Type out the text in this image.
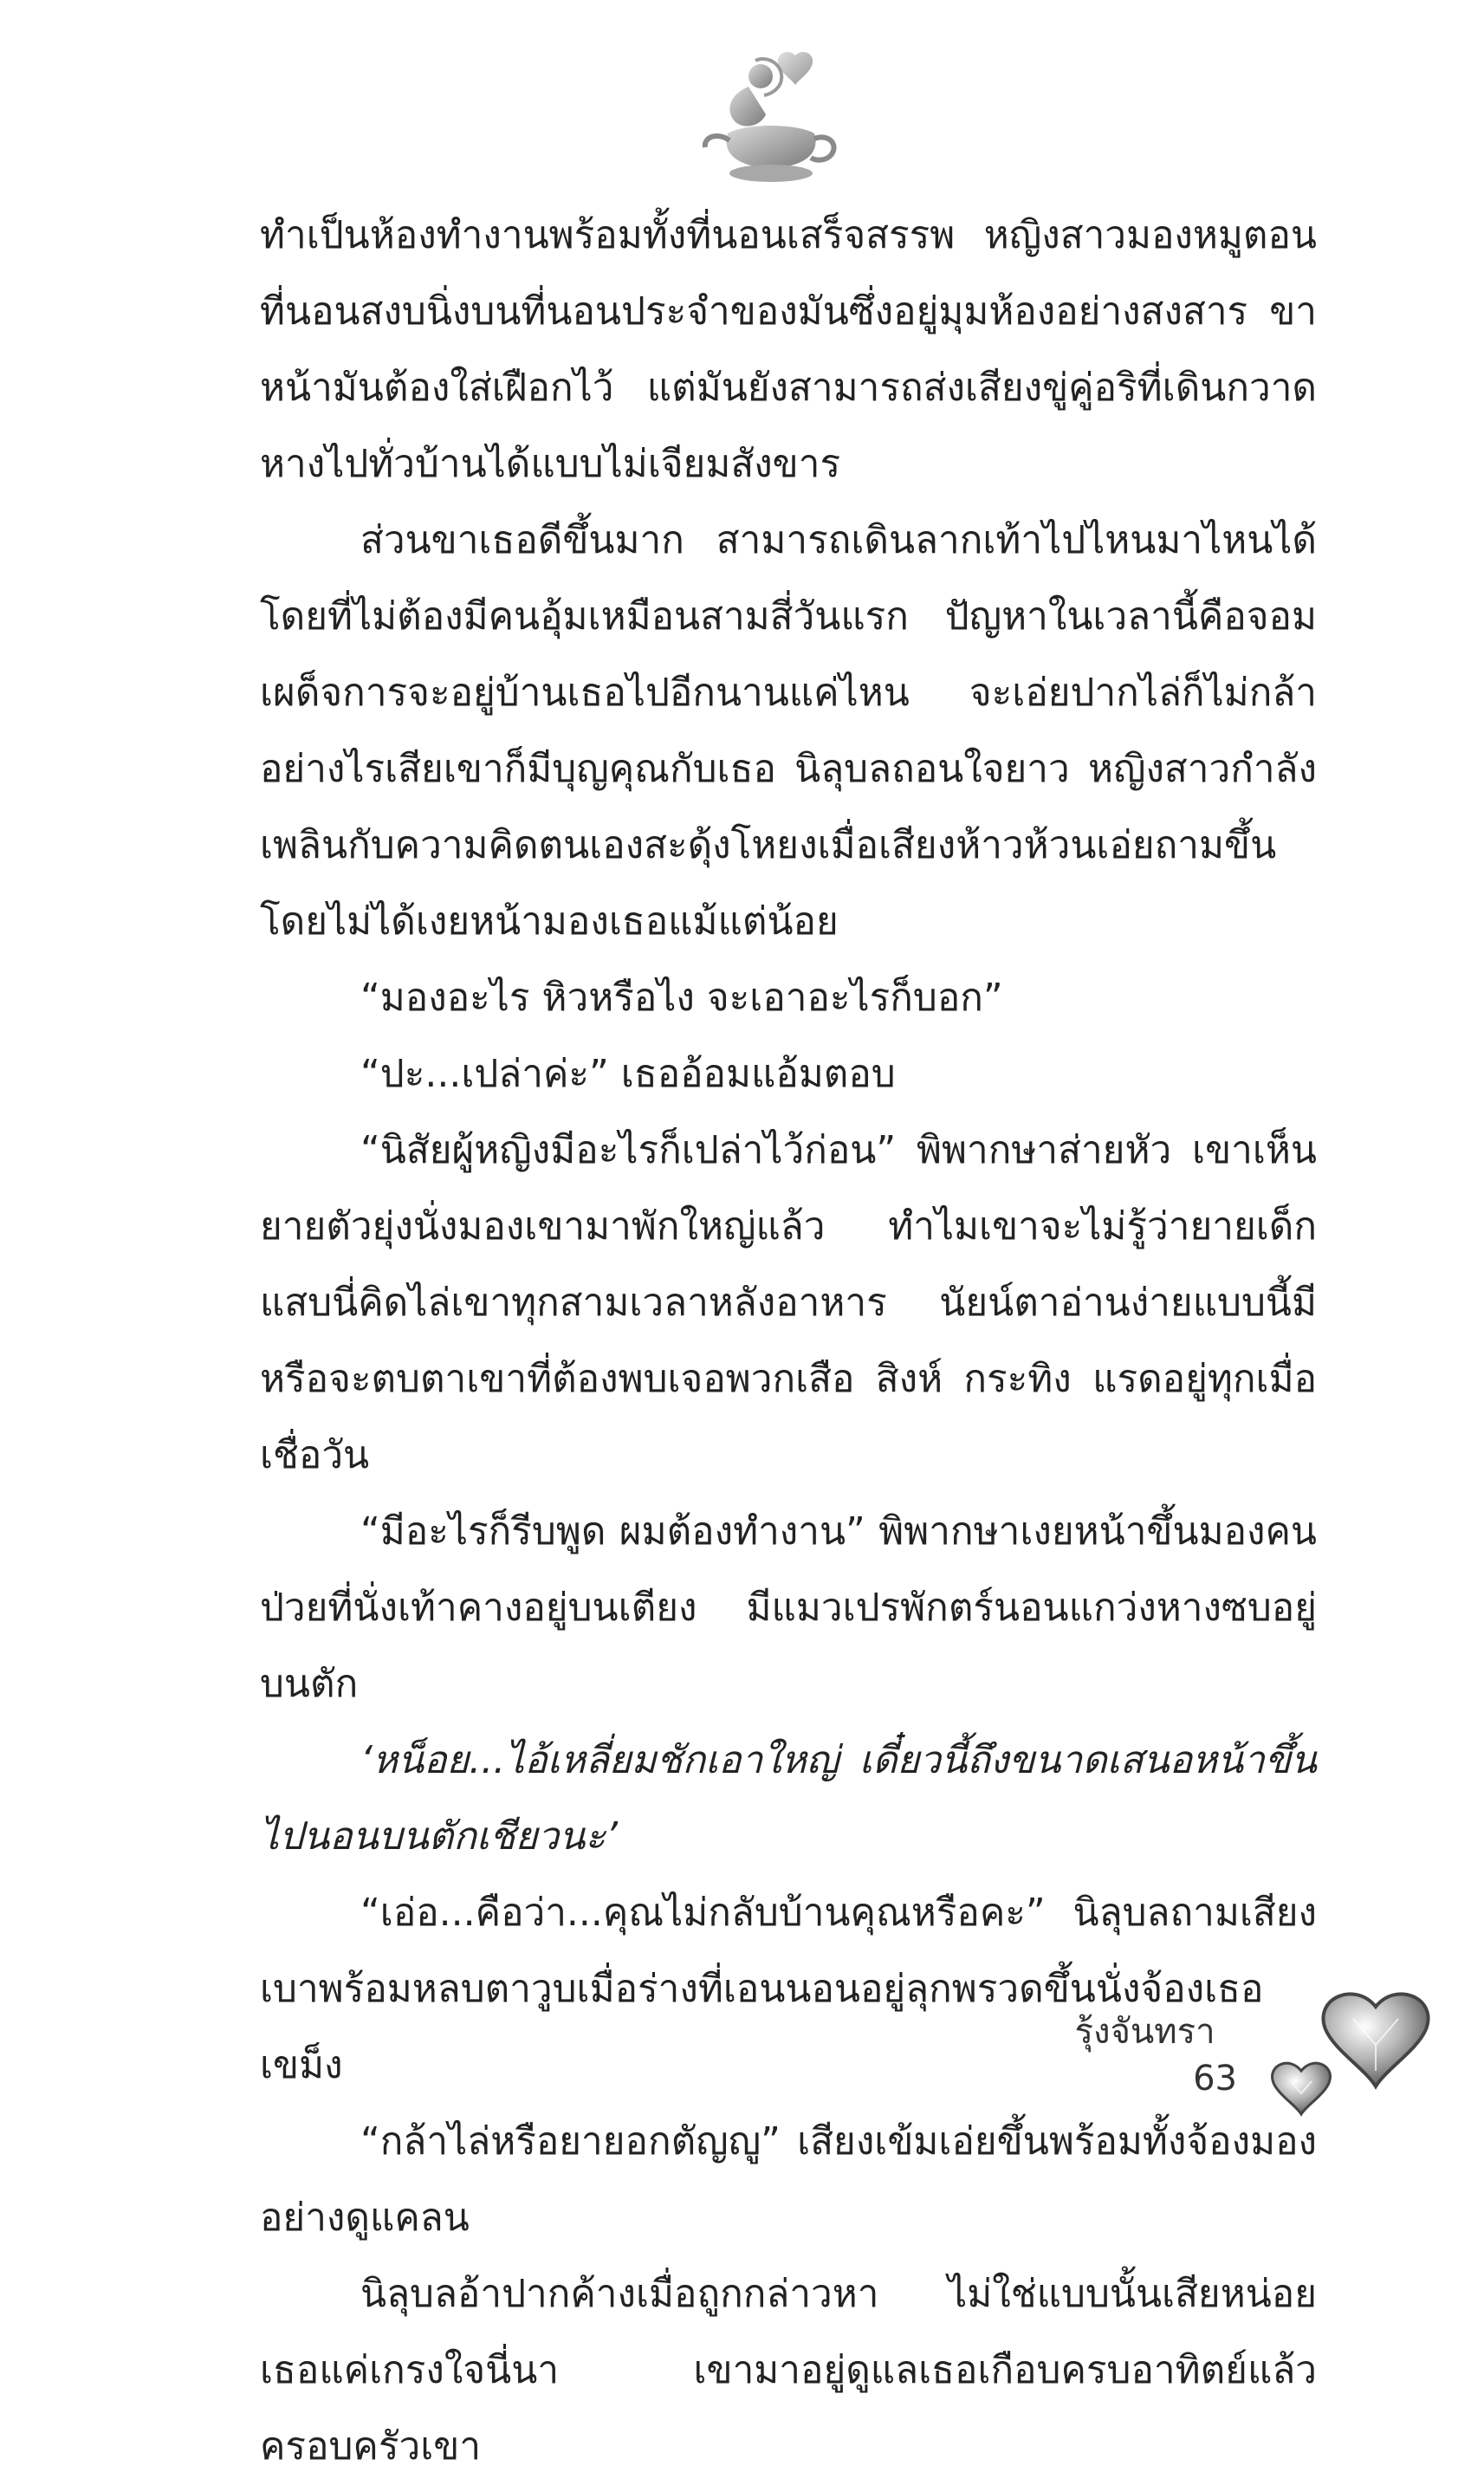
ทำเป็นห้องทำงานพร้อมทั้งที่นอนเสร็จสรรพ หญิงสาวมองหมูตอนที่นอนสงบนิ่งบนที่นอนประจำของมันซึ่งอยู่มุมห้องอย่างสงสาร ขาหน้ามันต้องใส่เฝือกไว้ แต่มันยังสามารถส่งเสียงขู่คู่อริที่เดินกวาดหางไปทั่วบ้านได้แบบไม่เจียมสังขาร

ส่วนขาเธอดีขึ้นมาก สามารถเดินลากเท้าไปไหนมาไหนได้โดยที่ไม่ต้องมีคนอุ้มเหมือนสามสี่วันแรก ปัญหาในเวลานี้คือจอมเผด็จการจะอยู่บ้านเธอไปอีกนานแค่ไหน จะเอ่ยปากไล่ก็ไม่กล้า อย่างไรเสียเขาก็มีบุญคุณกับเธอ นิลุบลถอนใจยาว หญิงสาวกำลังเพลินกับความคิดตนเองสะดุ้งโหยงเมื่อเสียงห้าวห้วนเอ่ยถามขึ้นโดยไม่ได้เงยหน้ามองเธอแม้แต่น้อย

“มองอะไร หิวหรือไง จะเอาอะไรก็บอก”

“ปะ...เปล่าค่ะ” เธออ้อมแอ้มตอบ

“นิสัยผู้หญิงมีอะไรก็เปล่าไว้ก่อน” พิพากษาส่ายหัว เขาเห็นยายตัวยุ่งนั่งมองเขามาพักใหญ่แล้ว ทำไมเขาจะไม่รู้ว่ายายเด็กแสบนี่คิดไล่เขาทุกสามเวลาหลังอาหาร นัยน์ตาอ่านง่ายแบบนี้มีหรือจะตบตาเขาที่ต้องพบเจอพวกเสือ สิงห์ กระทิง แรดอยู่ทุกเมื่อเชื่อวัน

“มีอะไรก็รีบพูด ผมต้องทำงาน” พิพากษาเงยหน้าขึ้นมองคนป่วยที่นั่งเท้าคางอยู่บนเตียง มีแมวเปรพักตร์นอนแกว่งหางซบอยู่บนตัก

‘หน็อย...ไอ้เหลี่ยมชักเอาใหญ่ เดี๋ยวนี้ถึงขนาดเสนอหน้าขึ้นไปนอนบนตักเชียวนะ’

“เอ่อ...คือว่า...คุณไม่กลับบ้านคุณหรือคะ” นิลุบลถามเสียงเบาพร้อมหลบตาวูบเมื่อร่างที่เอนนอนอยู่ลุกพรวดขึ้นนั่งจ้องเธอเขม็ง

“กล้าไล่หรือยายอกตัญญู” เสียงเข้มเอ่ยขึ้นพร้อมทั้งจ้องมองอย่างดูแคลน

นิลุบลอ้าปากค้างเมื่อถูกกล่าวหา ไม่ใช่แบบนั้นเสียหน่อย เธอแค่เกรงใจนี่นา เขามาอยู่ดูแลเธอเกือบครบอาทิตย์แล้ว ครอบครัวเขา

รุ้งจันทรา   63
